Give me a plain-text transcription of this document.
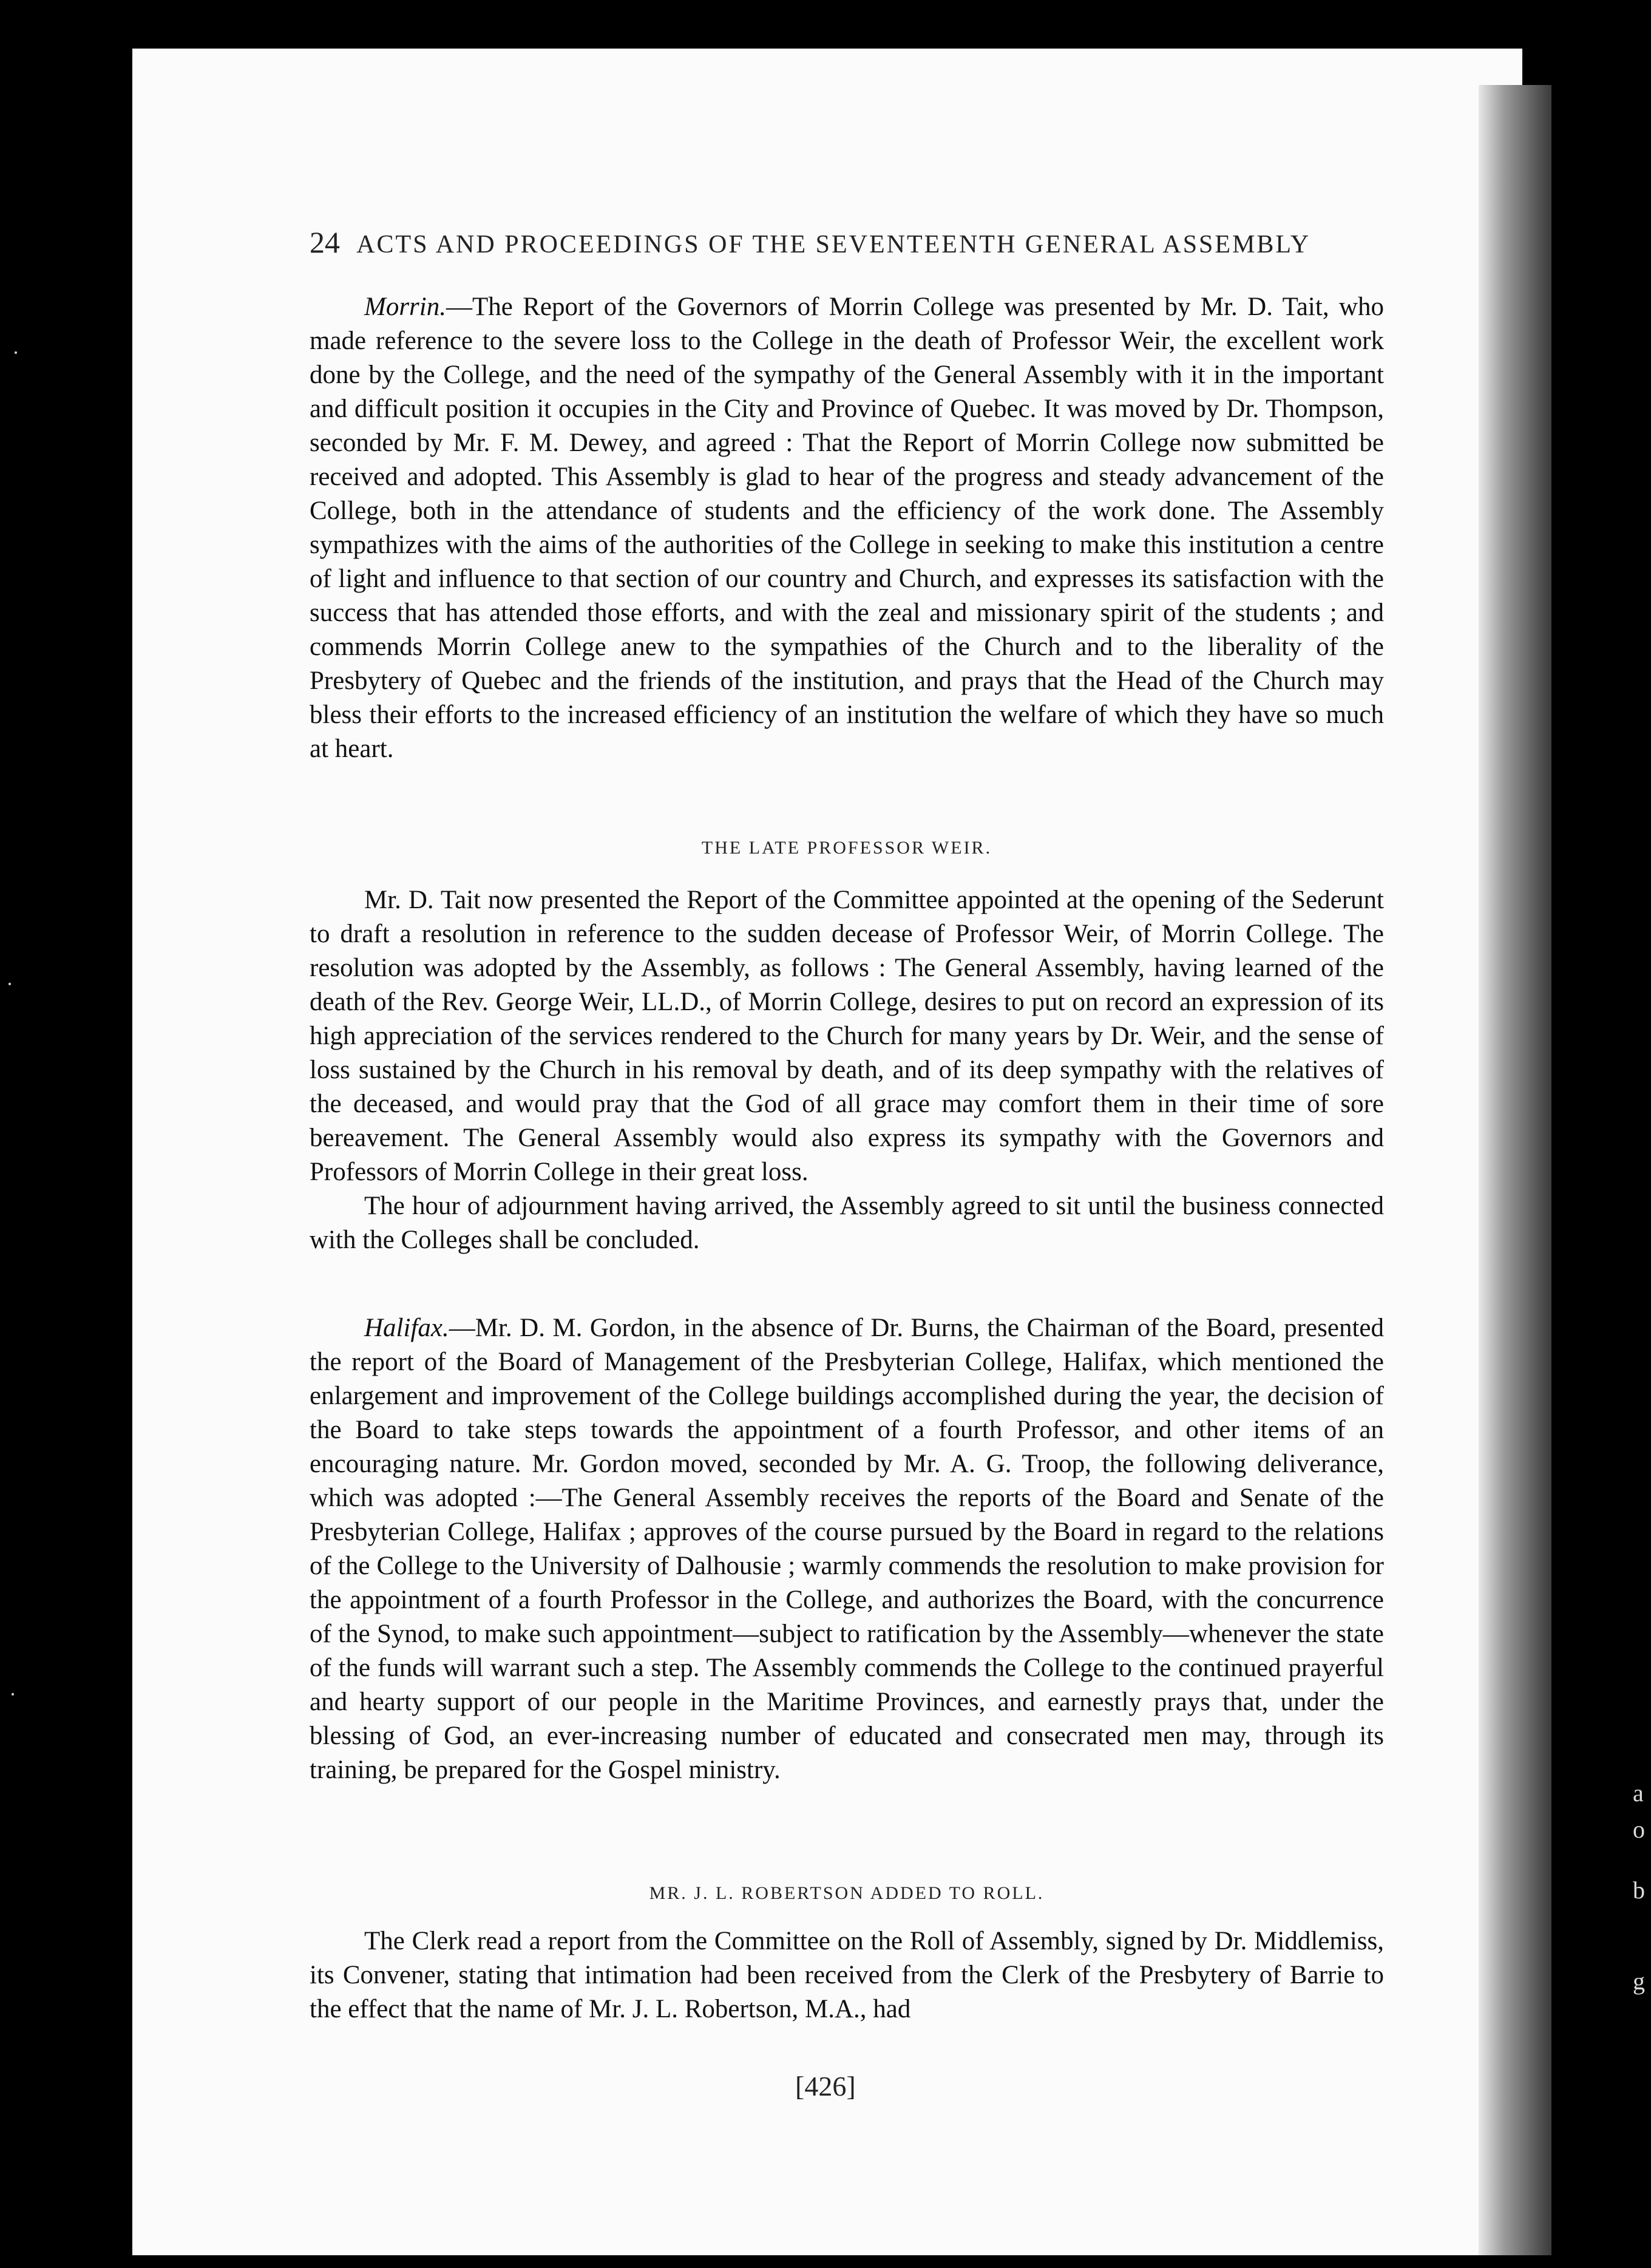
24 ACTS AND PROCEEDINGS OF THE SEVENTEENTH GENERAL ASSEMBLY

Morrin.—The Report of the Governors of Morrin College was presented by Mr. D. Tait, who made reference to the severe loss to the College in the death of Professor Weir, the excellent work done by the College, and the need of the sympathy of the General Assembly with it in the important and difficult position it occupies in the City and Province of Quebec. It was moved by Dr. Thompson, seconded by Mr. F. M. Dewey, and agreed : That the Report of Morrin College now submitted be received and adopted. This Assembly is glad to hear of the progress and steady advancement of the College, both in the attendance of students and the efficiency of the work done. The Assembly sympathizes with the aims of the authorities of the College in seeking to make this institution a centre of light and influence to that section of our country and Church, and expresses its satisfaction with the success that has attended those efforts, and with the zeal and missionary spirit of the students ; and commends Morrin College anew to the sympathies of the Church and to the liberality of the Presbytery of Quebec and the friends of the institution, and prays that the Head of the Church may bless their efforts to the increased efficiency of an institution the welfare of which they have so much at heart.

THE LATE PROFESSOR WEIR.

Mr. D. Tait now presented the Report of the Committee appointed at the opening of the Sederunt to draft a resolution in reference to the sudden decease of Professor Weir, of Morrin College. The resolution was adopted by the Assembly, as follows : The General Assembly, having learned of the death of the Rev. George Weir, LL.D., of Morrin College, desires to put on record an expression of its high appreciation of the services rendered to the Church for many years by Dr. Weir, and the sense of loss sustained by the Church in his removal by death, and of its deep sympathy with the relatives of the deceased, and would pray that the God of all grace may comfort them in their time of sore bereavement. The General Assembly would also express its sympathy with the Governors and Professors of Morrin College in their great loss.

The hour of adjournment having arrived, the Assembly agreed to sit until the business connected with the Colleges shall be concluded.

Halifax.—Mr. D. M. Gordon, in the absence of Dr. Burns, the Chairman of the Board, presented the report of the Board of Management of the Presbyterian College, Halifax, which mentioned the enlargement and improvement of the College buildings accomplished during the year, the decision of the Board to take steps towards the appointment of a fourth Professor, and other items of an encouraging nature. Mr. Gordon moved, seconded by Mr. A. G. Troop, the following deliverance, which was adopted :—The General Assembly receives the reports of the Board and Senate of the Presbyterian College, Halifax ; approves of the course pursued by the Board in regard to the relations of the College to the University of Dalhousie ; warmly commends the resolution to make provision for the appointment of a fourth Professor in the College, and authorizes the Board, with the concurrence of the Synod, to make such appointment—subject to ratification by the Assembly—whenever the state of the funds will warrant such a step. The Assembly commends the College to the continued prayerful and hearty support of our people in the Maritime Provinces, and earnestly prays that, under the blessing of God, an ever-increasing number of educated and consecrated men may, through its training, be prepared for the Gospel ministry.

MR. J. L. ROBERTSON ADDED TO ROLL.

The Clerk read a report from the Committee on the Roll of Assembly, signed by Dr. Middlemiss, its Convener, stating that intimation had been received from the Clerk of the Presbytery of Barrie to the effect that the name of Mr. J. L. Robertson, M.A., had

[426]
a
o
b
g
·
·
·
